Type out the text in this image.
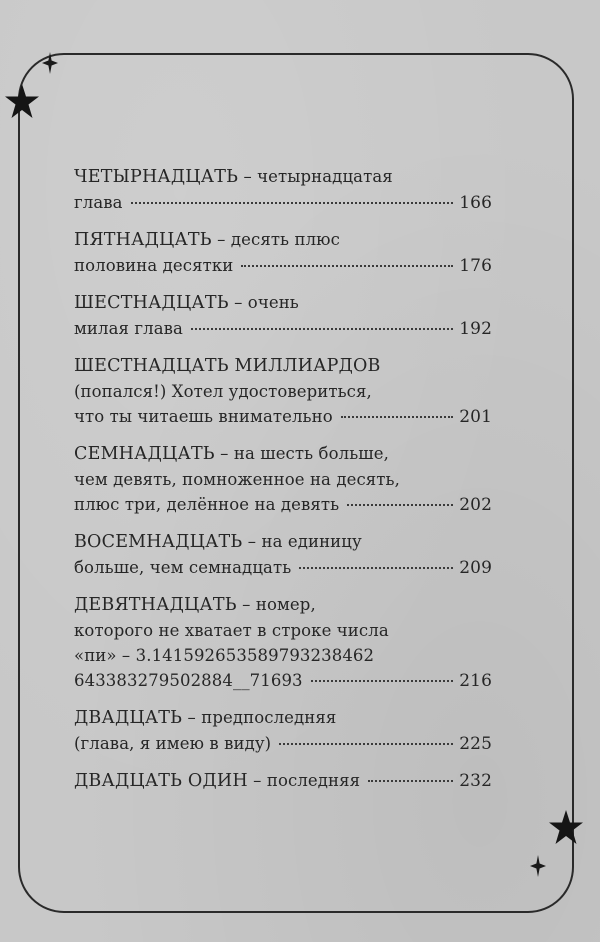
ЧЕТЫРНАДЦАТЬ – четырнадцатая
глава	166
ПЯТНАДЦАТЬ – десять плюс
половина десятки	176
ШЕСТНАДЦАТЬ – очень
милая глава	192
ШЕСТНАДЦАТЬ МИЛЛИАРДОВ
(попался!) Хотел удостовериться,
что ты читаешь внимательно	201
СЕМНАДЦАТЬ – на шесть больше,
чем девять, помноженное на десять,
плюс три, делённое на девять	202
ВОСЕМНАДЦАТЬ – на единицу
больше, чем семнадцать	209
ДЕВЯТНАДЦАТЬ – номер,
которого не хватает в строке числа
«пи» – 3.14159265358979323846​2
643383279502884__71693	216
ДВАДЦАТЬ – предпоследняя
(глава, я имею в виду)	225
ДВАДЦАТЬ ОДИН – последняя	232
